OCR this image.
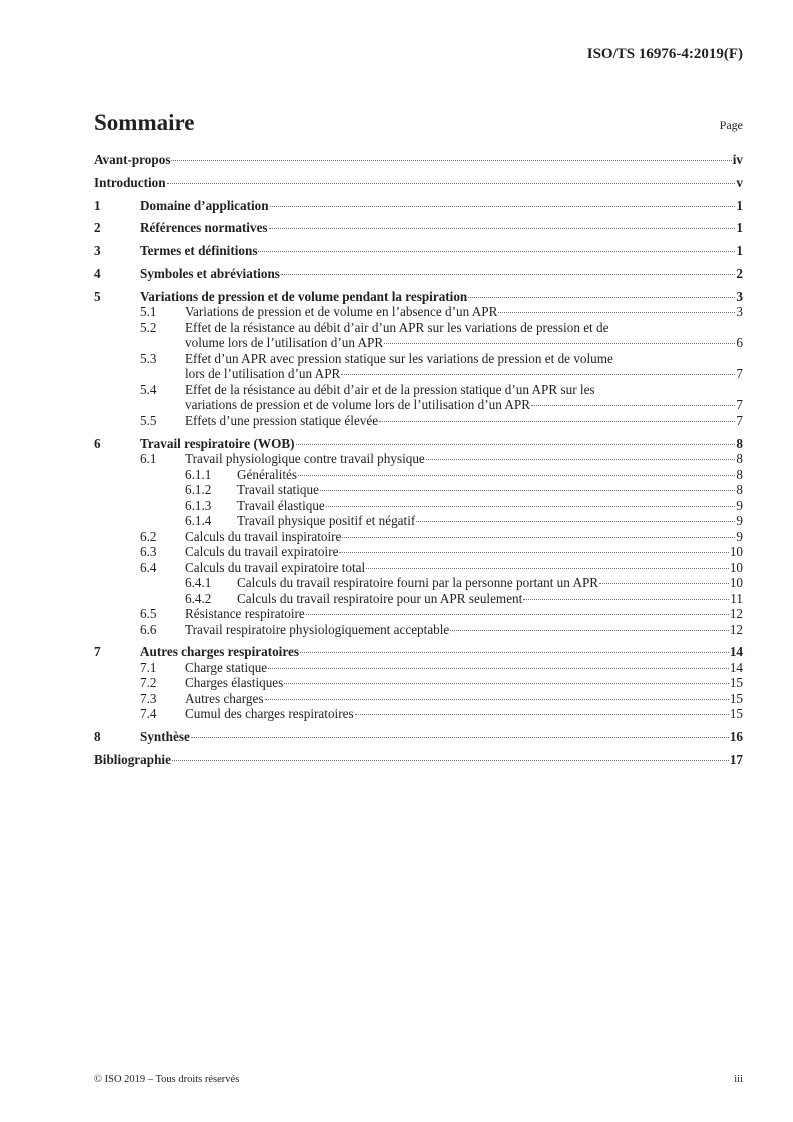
ISO/TS 16976-4:2019(F)
Sommaire	Page
Avant-propos	iv
Introduction	v
1	Domaine d’application	1
2	Références normatives	1
3	Termes et définitions	1
4	Symboles et abréviations	2
5	Variations de pression et de volume pendant la respiration	3
5.1	Variations de pression et de volume en l’absence d’un APR	3
5.2	Effet de la résistance au débit d’air d’un APR sur les variations de pression et de
volume lors de l’utilisation d’un APR	6
5.3	Effet d’un APR avec pression statique sur les variations de pression et de volume
lors de l’utilisation d’un APR	7
5.4	Effet de la résistance au débit d’air et de la pression statique d’un APR sur les
variations de pression et de volume lors de l’utilisation d’un APR	7
5.5	Effets d’une pression statique élevée	7
6	Travail respiratoire (WOB)	8
6.1	Travail physiologique contre travail physique	8
6.1.1	Généralités	8
6.1.2	Travail statique	8
6.1.3	Travail élastique	9
6.1.4	Travail physique positif et négatif	9
6.2	Calculs du travail inspiratoire	9
6.3	Calculs du travail expiratoire	10
6.4	Calculs du travail expiratoire total	10
6.4.1	Calculs du travail respiratoire fourni par la personne portant un APR	10
6.4.2	Calculs du travail respiratoire pour un APR seulement	11
6.5	Résistance respiratoire	12
6.6	Travail respiratoire physiologiquement acceptable	12
7	Autres charges respiratoires	14
7.1	Charge statique	14
7.2	Charges élastiques	15
7.3	Autres charges	15
7.4	Cumul des charges respiratoires	15
8	Synthèse	16
Bibliographie	17
© ISO 2019 – Tous droits réservés	iii
